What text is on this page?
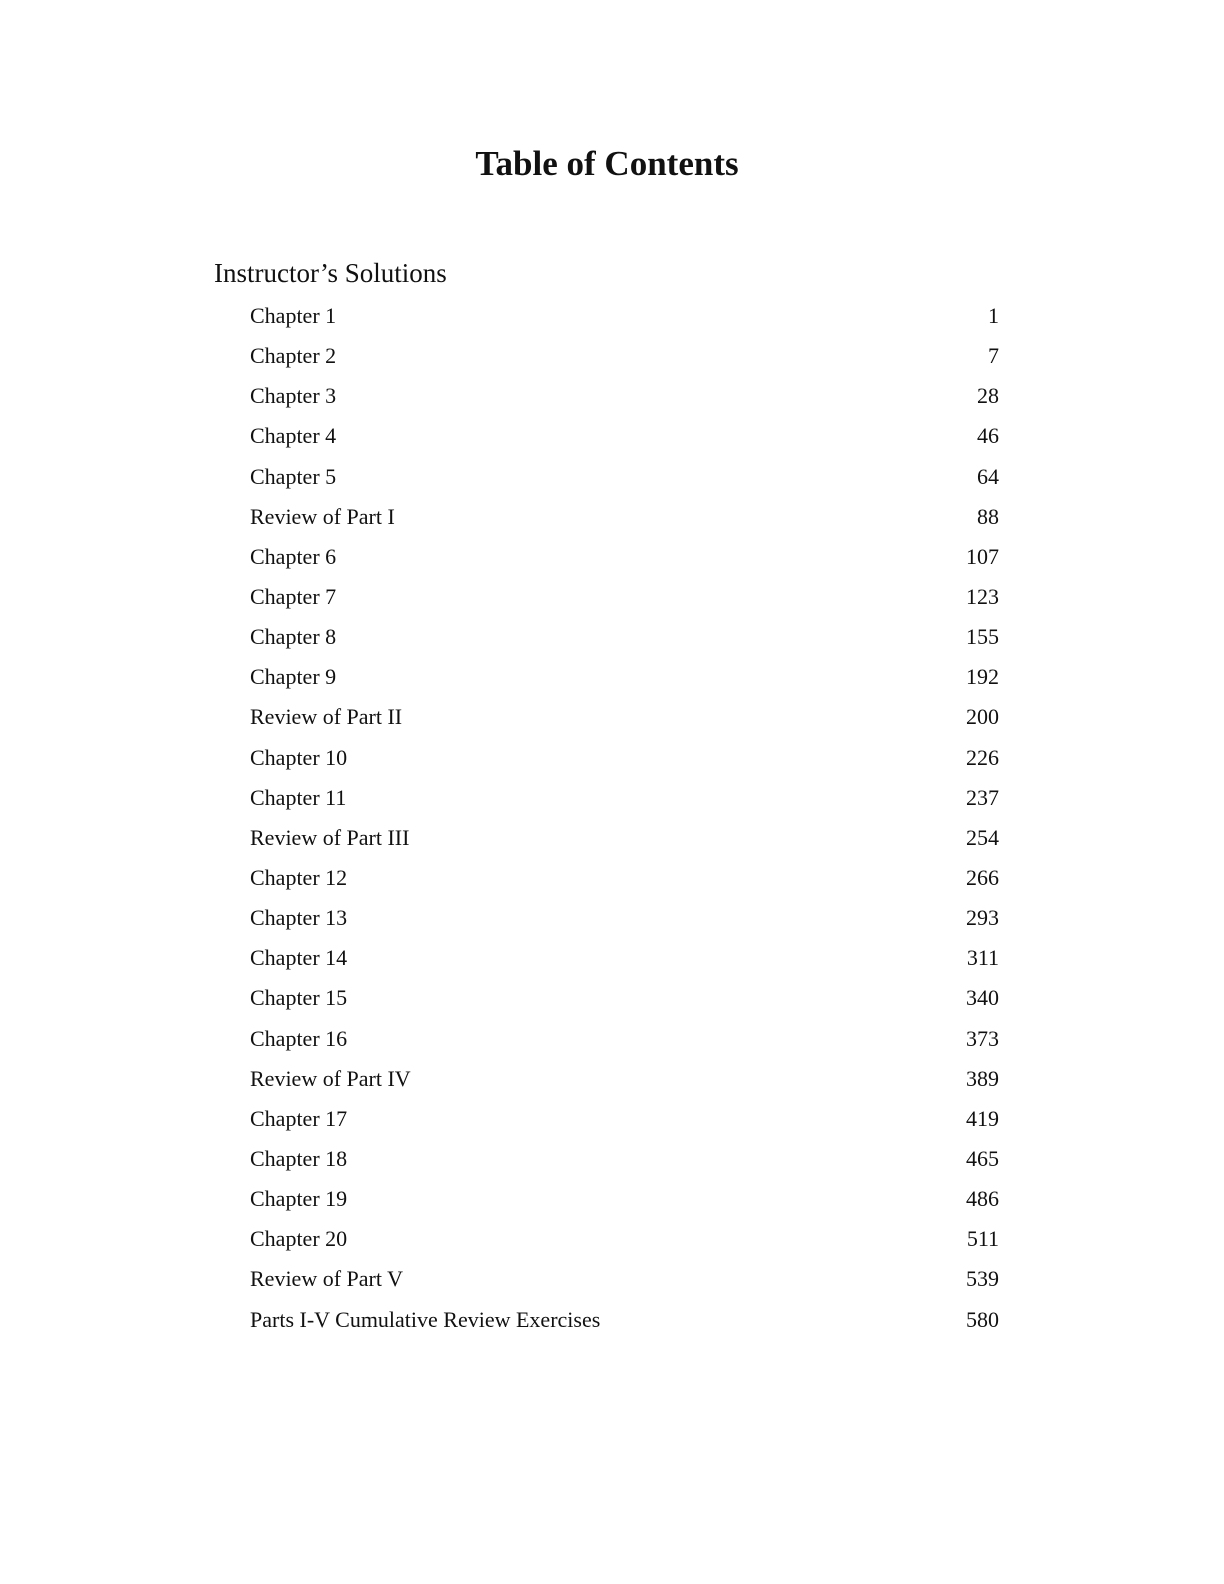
Table of Contents
Instructor’s Solutions
Chapter 1	1
Chapter 2	7
Chapter 3	28
Chapter 4	46
Chapter 5	64
Review of Part I	88
Chapter 6	107
Chapter 7	123
Chapter 8	155
Chapter 9	192
Review of Part II	200
Chapter 10	226
Chapter 11	237
Review of Part III	254
Chapter 12	266
Chapter 13	293
Chapter 14	311
Chapter 15	340
Chapter 16	373
Review of Part IV	389
Chapter 17	419
Chapter 18	465
Chapter 19	486
Chapter 20	511
Review of Part V	539
Parts I-V Cumulative Review Exercises	580
